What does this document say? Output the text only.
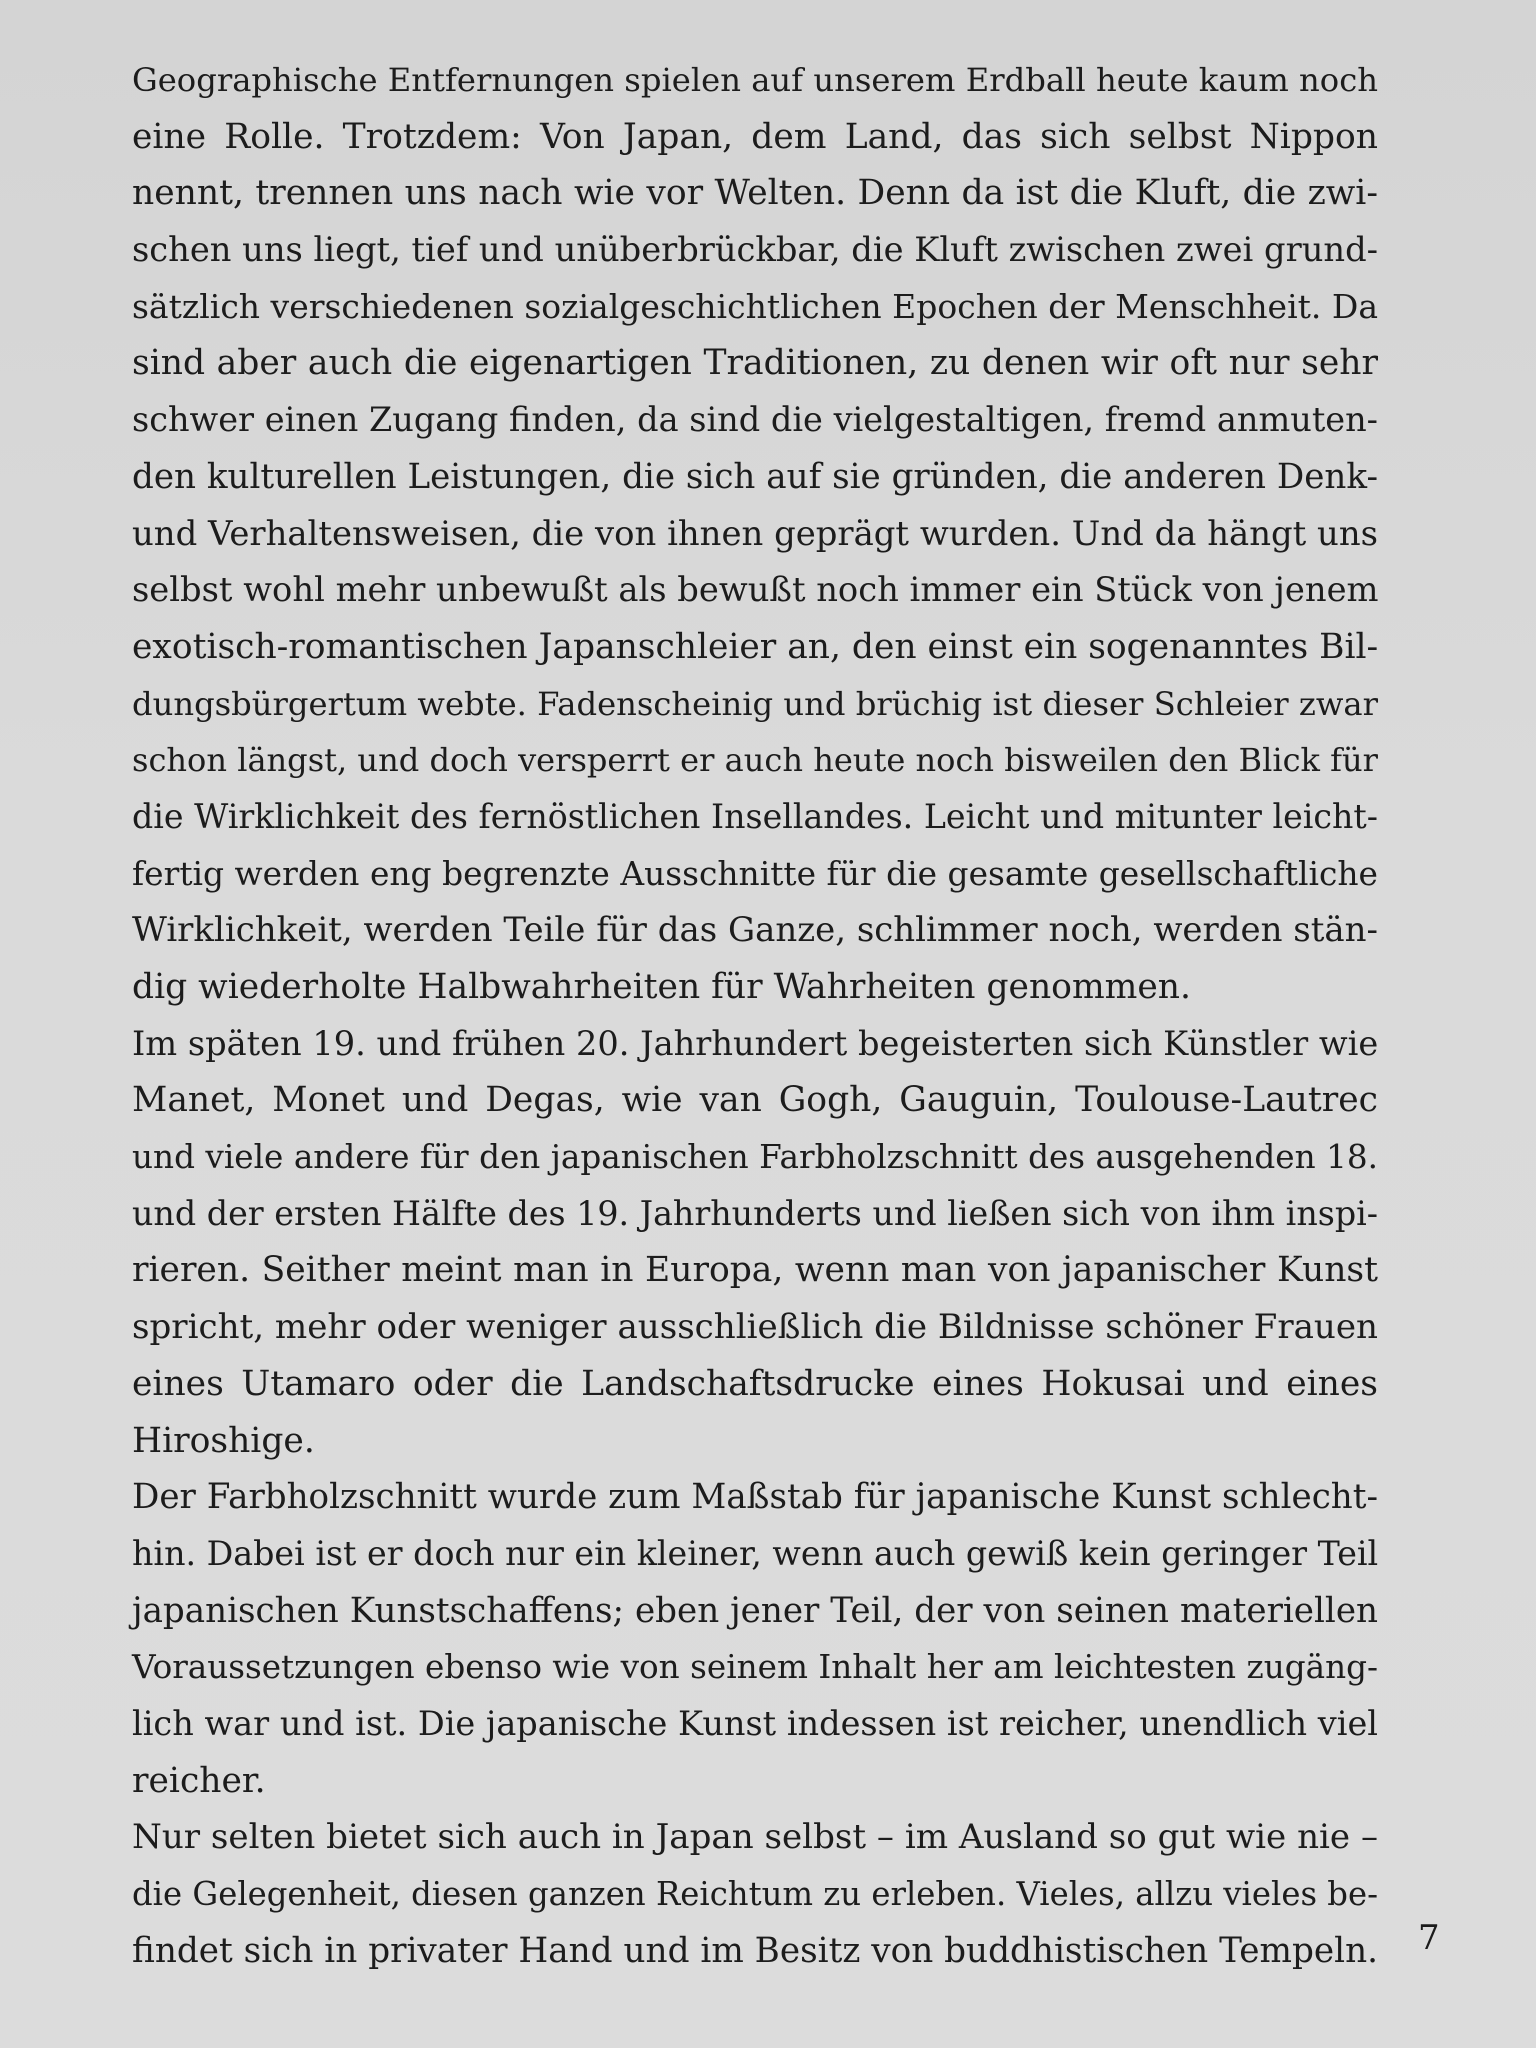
Geographische Entfernungen spielen auf unserem Erdball heute kaum noch
eine Rolle. Trotzdem: Von Japan, dem Land, das sich selbst Nippon
nennt, trennen uns nach wie vor Welten. Denn da ist die Kluft, die zwi-
schen uns liegt, tief und unüberbrückbar, die Kluft zwischen zwei grund-
sätzlich verschiedenen sozialgeschichtlichen Epochen der Menschheit. Da
sind aber auch die eigenartigen Traditionen, zu denen wir oft nur sehr
schwer einen Zugang finden, da sind die vielgestaltigen, fremd anmuten-
den kulturellen Leistungen, die sich auf sie gründen, die anderen Denk-
und Verhaltensweisen, die von ihnen geprägt wurden. Und da hängt uns
selbst wohl mehr unbewußt als bewußt noch immer ein Stück von jenem
exotisch-romantischen Japanschleier an, den einst ein sogenanntes Bil-
dungsbürgertum webte. Fadenscheinig und brüchig ist dieser Schleier zwar
schon längst, und doch versperrt er auch heute noch bisweilen den Blick für
die Wirklichkeit des fernöstlichen Insellandes. Leicht und mitunter leicht-
fertig werden eng begrenzte Ausschnitte für die gesamte gesellschaftliche
Wirklichkeit, werden Teile für das Ganze, schlimmer noch, werden stän-
dig wiederholte Halbwahrheiten für Wahrheiten genommen.
Im späten 19. und frühen 20. Jahrhundert begeisterten sich Künstler wie
Manet, Monet und Degas, wie van Gogh, Gauguin, Toulouse-Lautrec
und viele andere für den japanischen Farbholzschnitt des ausgehenden 18.
und der ersten Hälfte des 19. Jahrhunderts und ließen sich von ihm inspi-
rieren. Seither meint man in Europa, wenn man von japanischer Kunst
spricht, mehr oder weniger ausschließlich die Bildnisse schöner Frauen
eines Utamaro oder die Landschaftsdrucke eines Hokusai und eines
Hiroshige.
Der Farbholzschnitt wurde zum Maßstab für japanische Kunst schlecht-
hin. Dabei ist er doch nur ein kleiner, wenn auch gewiß kein geringer Teil
japanischen Kunstschaffens; eben jener Teil, der von seinen materiellen
Voraussetzungen ebenso wie von seinem Inhalt her am leichtesten zugäng-
lich war und ist. Die japanische Kunst indessen ist reicher, unendlich viel
reicher.
Nur selten bietet sich auch in Japan selbst – im Ausland so gut wie nie –
die Gelegenheit, diesen ganzen Reichtum zu erleben. Vieles, allzu vieles be-
findet sich in privater Hand und im Besitz von buddhistischen Tempeln. 7
